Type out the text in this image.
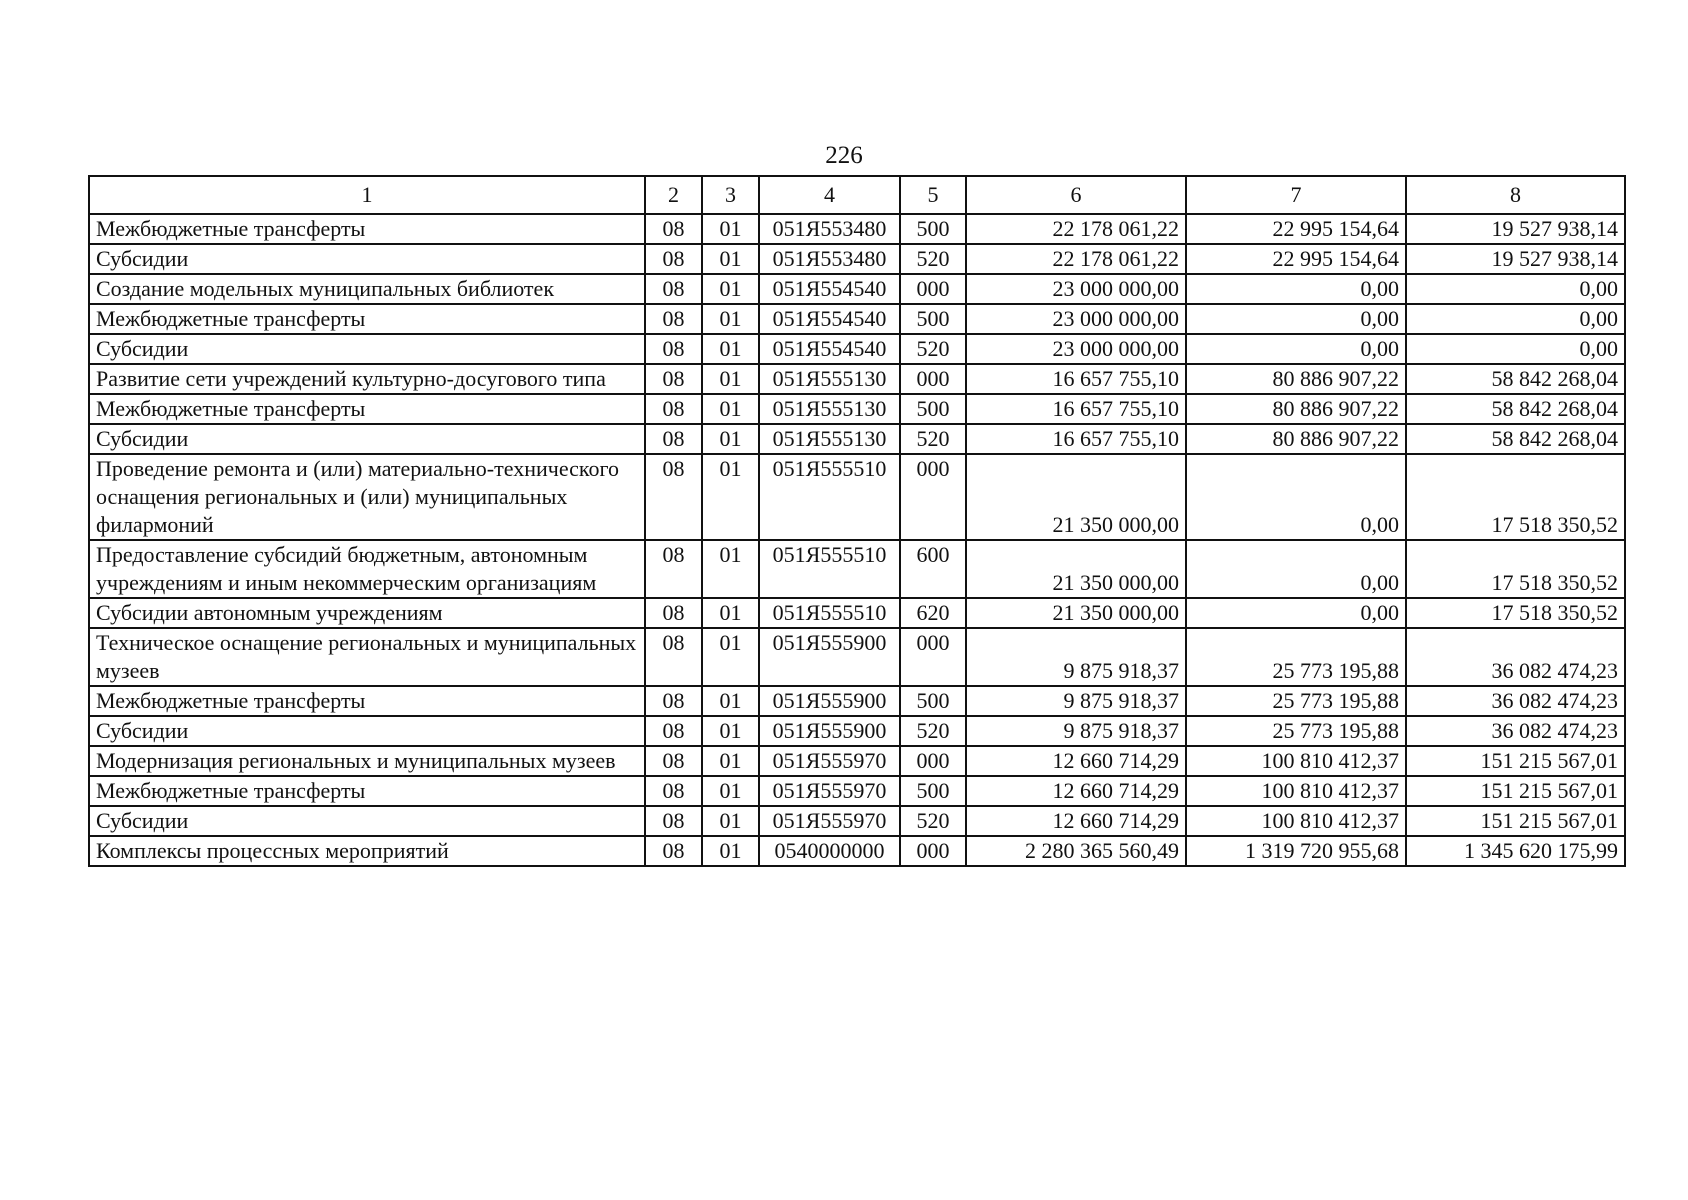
226
1	2	3	4	5	6	7	8
Межбюджетные трансферты	08	01	051Я553480	500	22 178 061,22	22 995 154,64	19 527 938,14
Субсидии	08	01	051Я553480	520	22 178 061,22	22 995 154,64	19 527 938,14
Создание модельных муниципальных библиотек	08	01	051Я554540	000	23 000 000,00	0,00	0,00
Межбюджетные трансферты	08	01	051Я554540	500	23 000 000,00	0,00	0,00
Субсидии	08	01	051Я554540	520	23 000 000,00	0,00	0,00
Развитие сети учреждений культурно-досугового типа	08	01	051Я555130	000	16 657 755,10	80 886 907,22	58 842 268,04
Межбюджетные трансферты	08	01	051Я555130	500	16 657 755,10	80 886 907,22	58 842 268,04
Субсидии	08	01	051Я555130	520	16 657 755,10	80 886 907,22	58 842 268,04
Проведение ремонта и (или) материально-технического оснащения региональных и (или) муниципальных филармоний	08	01	051Я555510	000	21 350 000,00	0,00	17 518 350,52
Предоставление субсидий бюджетным, автономным учреждениям и иным некоммерческим организациям	08	01	051Я555510	600	21 350 000,00	0,00	17 518 350,52
Субсидии автономным учреждениям	08	01	051Я555510	620	21 350 000,00	0,00	17 518 350,52
Техническое оснащение региональных и муниципальных музеев	08	01	051Я555900	000	9 875 918,37	25 773 195,88	36 082 474,23
Межбюджетные трансферты	08	01	051Я555900	500	9 875 918,37	25 773 195,88	36 082 474,23
Субсидии	08	01	051Я555900	520	9 875 918,37	25 773 195,88	36 082 474,23
Модернизация региональных и муниципальных музеев	08	01	051Я555970	000	12 660 714,29	100 810 412,37	151 215 567,01
Межбюджетные трансферты	08	01	051Я555970	500	12 660 714,29	100 810 412,37	151 215 567,01
Субсидии	08	01	051Я555970	520	12 660 714,29	100 810 412,37	151 215 567,01
Комплексы процессных мероприятий	08	01	0540000000	000	2 280 365 560,49	1 319 720 955,68	1 345 620 175,99
